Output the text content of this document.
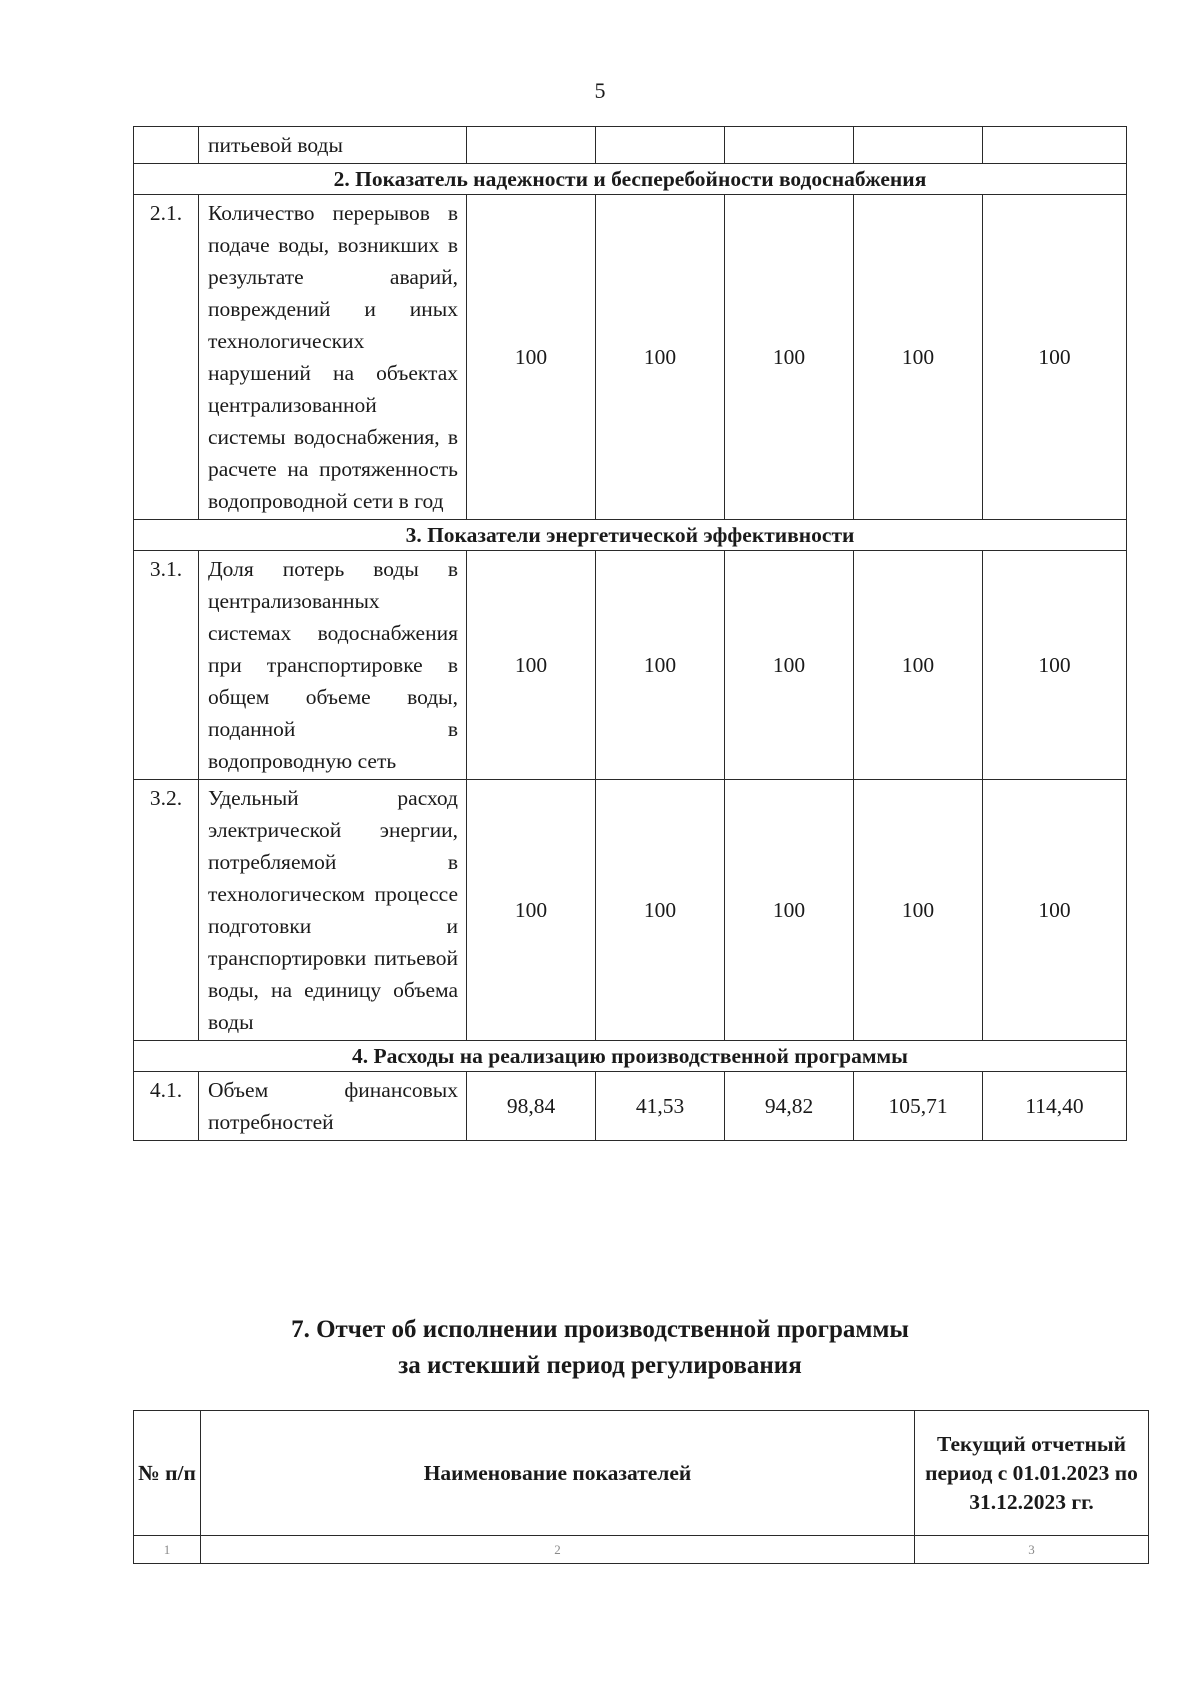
5
	питьевой воды					
2. Показатель надежности и бесперебойности водоснабжения						
2.1.	Количество перерывов в подаче воды, возникших в результате аварий, повреждений и иных технологических нарушений на объектах централизованной системы водоснабжения, в расчете на протяженность водопроводной сети в год	100	100	100	100	100
3. Показатели энергетической эффективности						
3.1.	Доля потерь воды в централизованных системах водоснабжения при транспортировке в общем объеме воды, поданной в водопроводную сеть	100	100	100	100	100
3.2.	Удельный расход электрической энергии, потребляемой в технологическом процессе подготовки и транспортировки питьевой воды, на единицу объема воды	100	100	100	100	100
4. Расходы на реализацию производственной программы						
4.1.	Объем финансовых потребностей	98,84	41,53	94,82	105,71	114,40
7. Отчет об исполнении производственной программы
за истекший период регулирования
№ п/п	Наименование показателей	Текущий отчетный период с 01.01.2023 по 31.12.2023 гг.
1	2	3
